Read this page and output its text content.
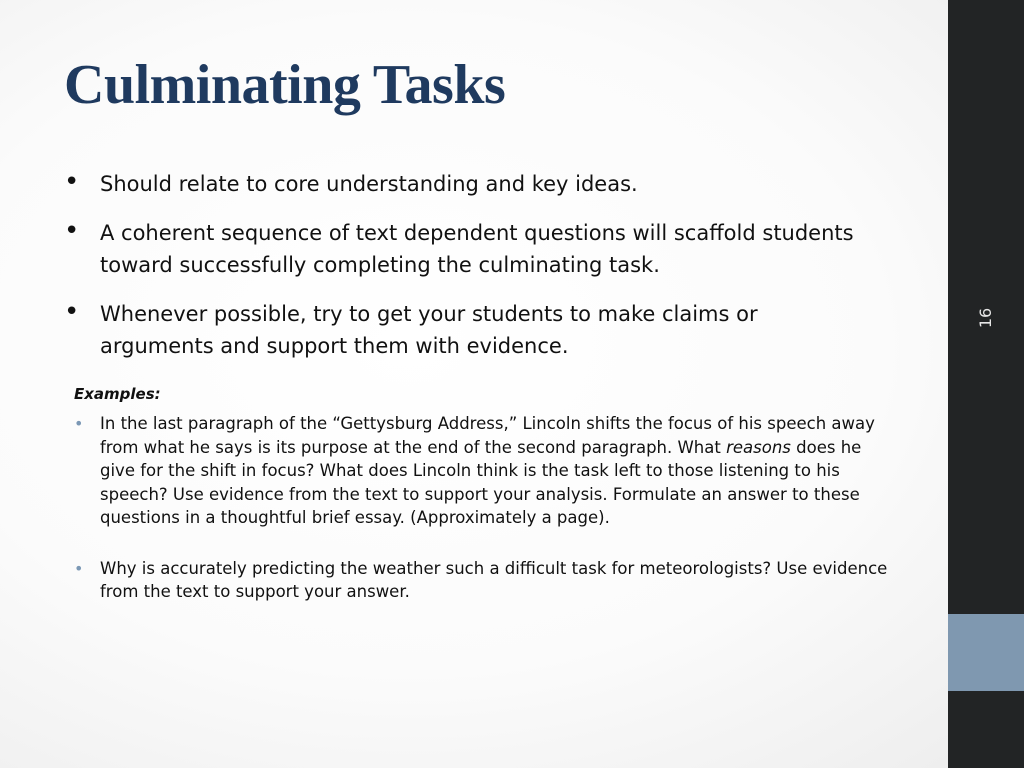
Culminating Tasks
• Should relate to core understanding and key ideas.
• A coherent sequence of text dependent questions will scaffold students toward successfully completing the culminating task.
• Whenever possible, try to get your students to make claims or arguments and support them with evidence.

Examples:

• In the last paragraph of the “Gettysburg Address,” Lincoln shifts the focus of his speech away from what he says is its purpose at the end of the second paragraph. What reasons does he give for the shift in focus? What does Lincoln think is the task left to those listening to his speech? Use evidence from the text to support your analysis. Formulate an answer to these questions in a thoughtful brief essay. (Approximately a page).
• Why is accurately predicting the weather such a difficult task for meteorologists? Use evidence from the text to support your answer.
16
